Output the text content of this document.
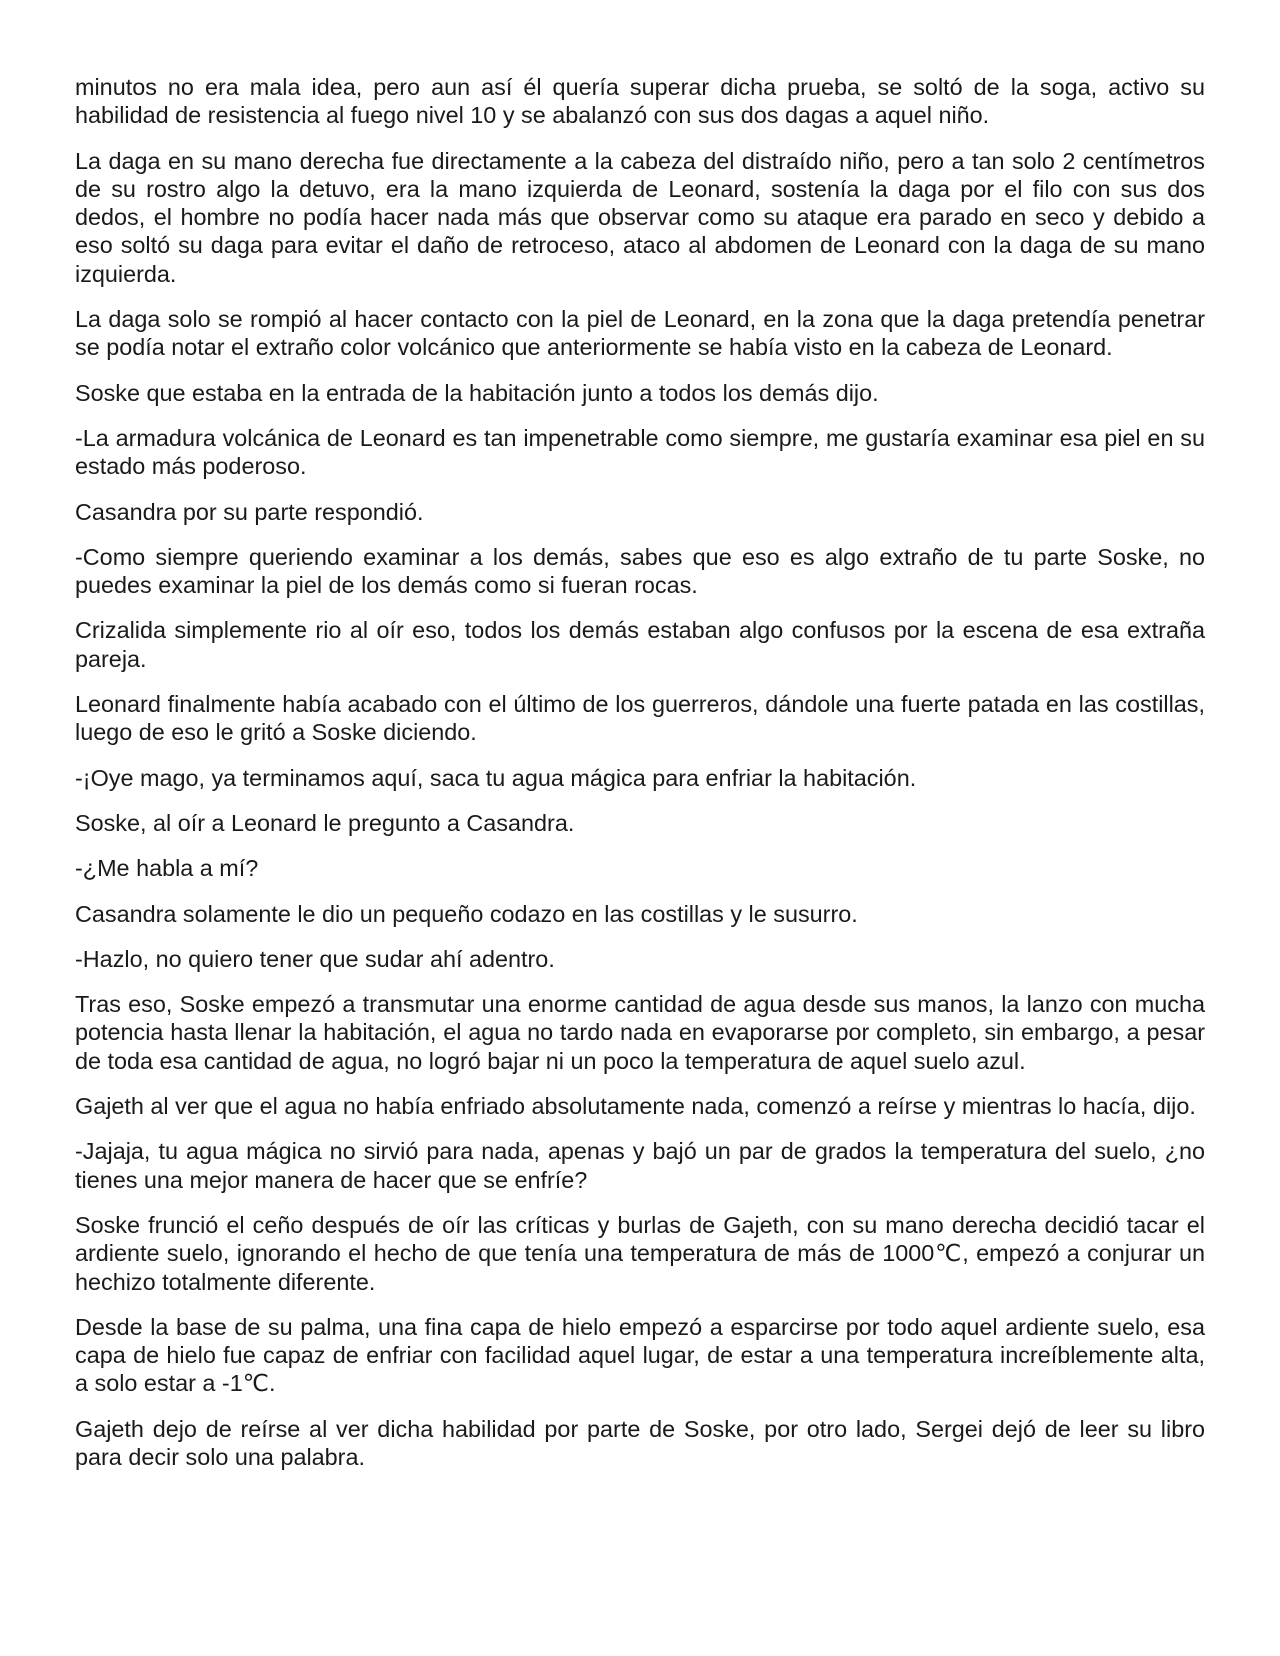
minutos no era mala idea, pero aun así él quería superar dicha prueba, se soltó de la soga, activo su habilidad de resistencia al fuego nivel 10 y se abalanzó con sus dos dagas a aquel niño.

La daga en su mano derecha fue directamente a la cabeza del distraído niño, pero a tan solo 2 centímetros de su rostro algo la detuvo, era la mano izquierda de Leonard, sostenía la daga por el filo con sus dos dedos, el hombre no podía hacer nada más que observar como su ataque era parado en seco y debido a eso soltó su daga para evitar el daño de retroceso, ataco al abdomen de Leonard con la daga de su mano izquierda.

La daga solo se rompió al hacer contacto con la piel de Leonard, en la zona que la daga pretendía penetrar se podía notar el extraño color volcánico que anteriormente se había visto en la cabeza de Leonard.

Soske que estaba en la entrada de la habitación junto a todos los demás dijo.

-La armadura volcánica de Leonard es tan impenetrable como siempre, me gustaría examinar esa piel en su estado más poderoso.

Casandra por su parte respondió.

-Como siempre queriendo examinar a los demás, sabes que eso es algo extraño de tu parte Soske, no puedes examinar la piel de los demás como si fueran rocas.

Crizalida simplemente rio al oír eso, todos los demás estaban algo confusos por la escena de esa extraña pareja.

Leonard finalmente había acabado con el último de los guerreros, dándole una fuerte patada en las costillas, luego de eso le gritó a Soske diciendo.

-¡Oye mago, ya terminamos aquí, saca tu agua mágica para enfriar la habitación.

Soske, al oír a Leonard le pregunto a Casandra.

-¿Me habla a mí?

Casandra solamente le dio un pequeño codazo en las costillas y le susurro.

-Hazlo, no quiero tener que sudar ahí adentro.

Tras eso, Soske empezó a transmutar una enorme cantidad de agua desde sus manos, la lanzo con mucha potencia hasta llenar la habitación, el agua no tardo nada en evaporarse por completo, sin embargo, a pesar de toda esa cantidad de agua, no logró bajar ni un poco la temperatura de aquel suelo azul.

Gajeth al ver que el agua no había enfriado absolutamente nada, comenzó a reírse y mientras lo hacía, dijo.

-Jajaja, tu agua mágica no sirvió para nada, apenas y bajó un par de grados la temperatura del suelo, ¿no tienes una mejor manera de hacer que se enfríe?

Soske frunció el ceño después de oír las críticas y burlas de Gajeth, con su mano derecha decidió tacar el ardiente suelo, ignorando el hecho de que tenía una temperatura de más de 1000℃, empezó a conjurar un hechizo totalmente diferente.

Desde la base de su palma, una fina capa de hielo empezó a esparcirse por todo aquel ardiente suelo, esa capa de hielo fue capaz de enfriar con facilidad aquel lugar, de estar a una temperatura increíblemente alta, a solo estar a -1℃.

Gajeth dejo de reírse al ver dicha habilidad por parte de Soske, por otro lado, Sergei dejó de leer su libro para decir solo una palabra.
